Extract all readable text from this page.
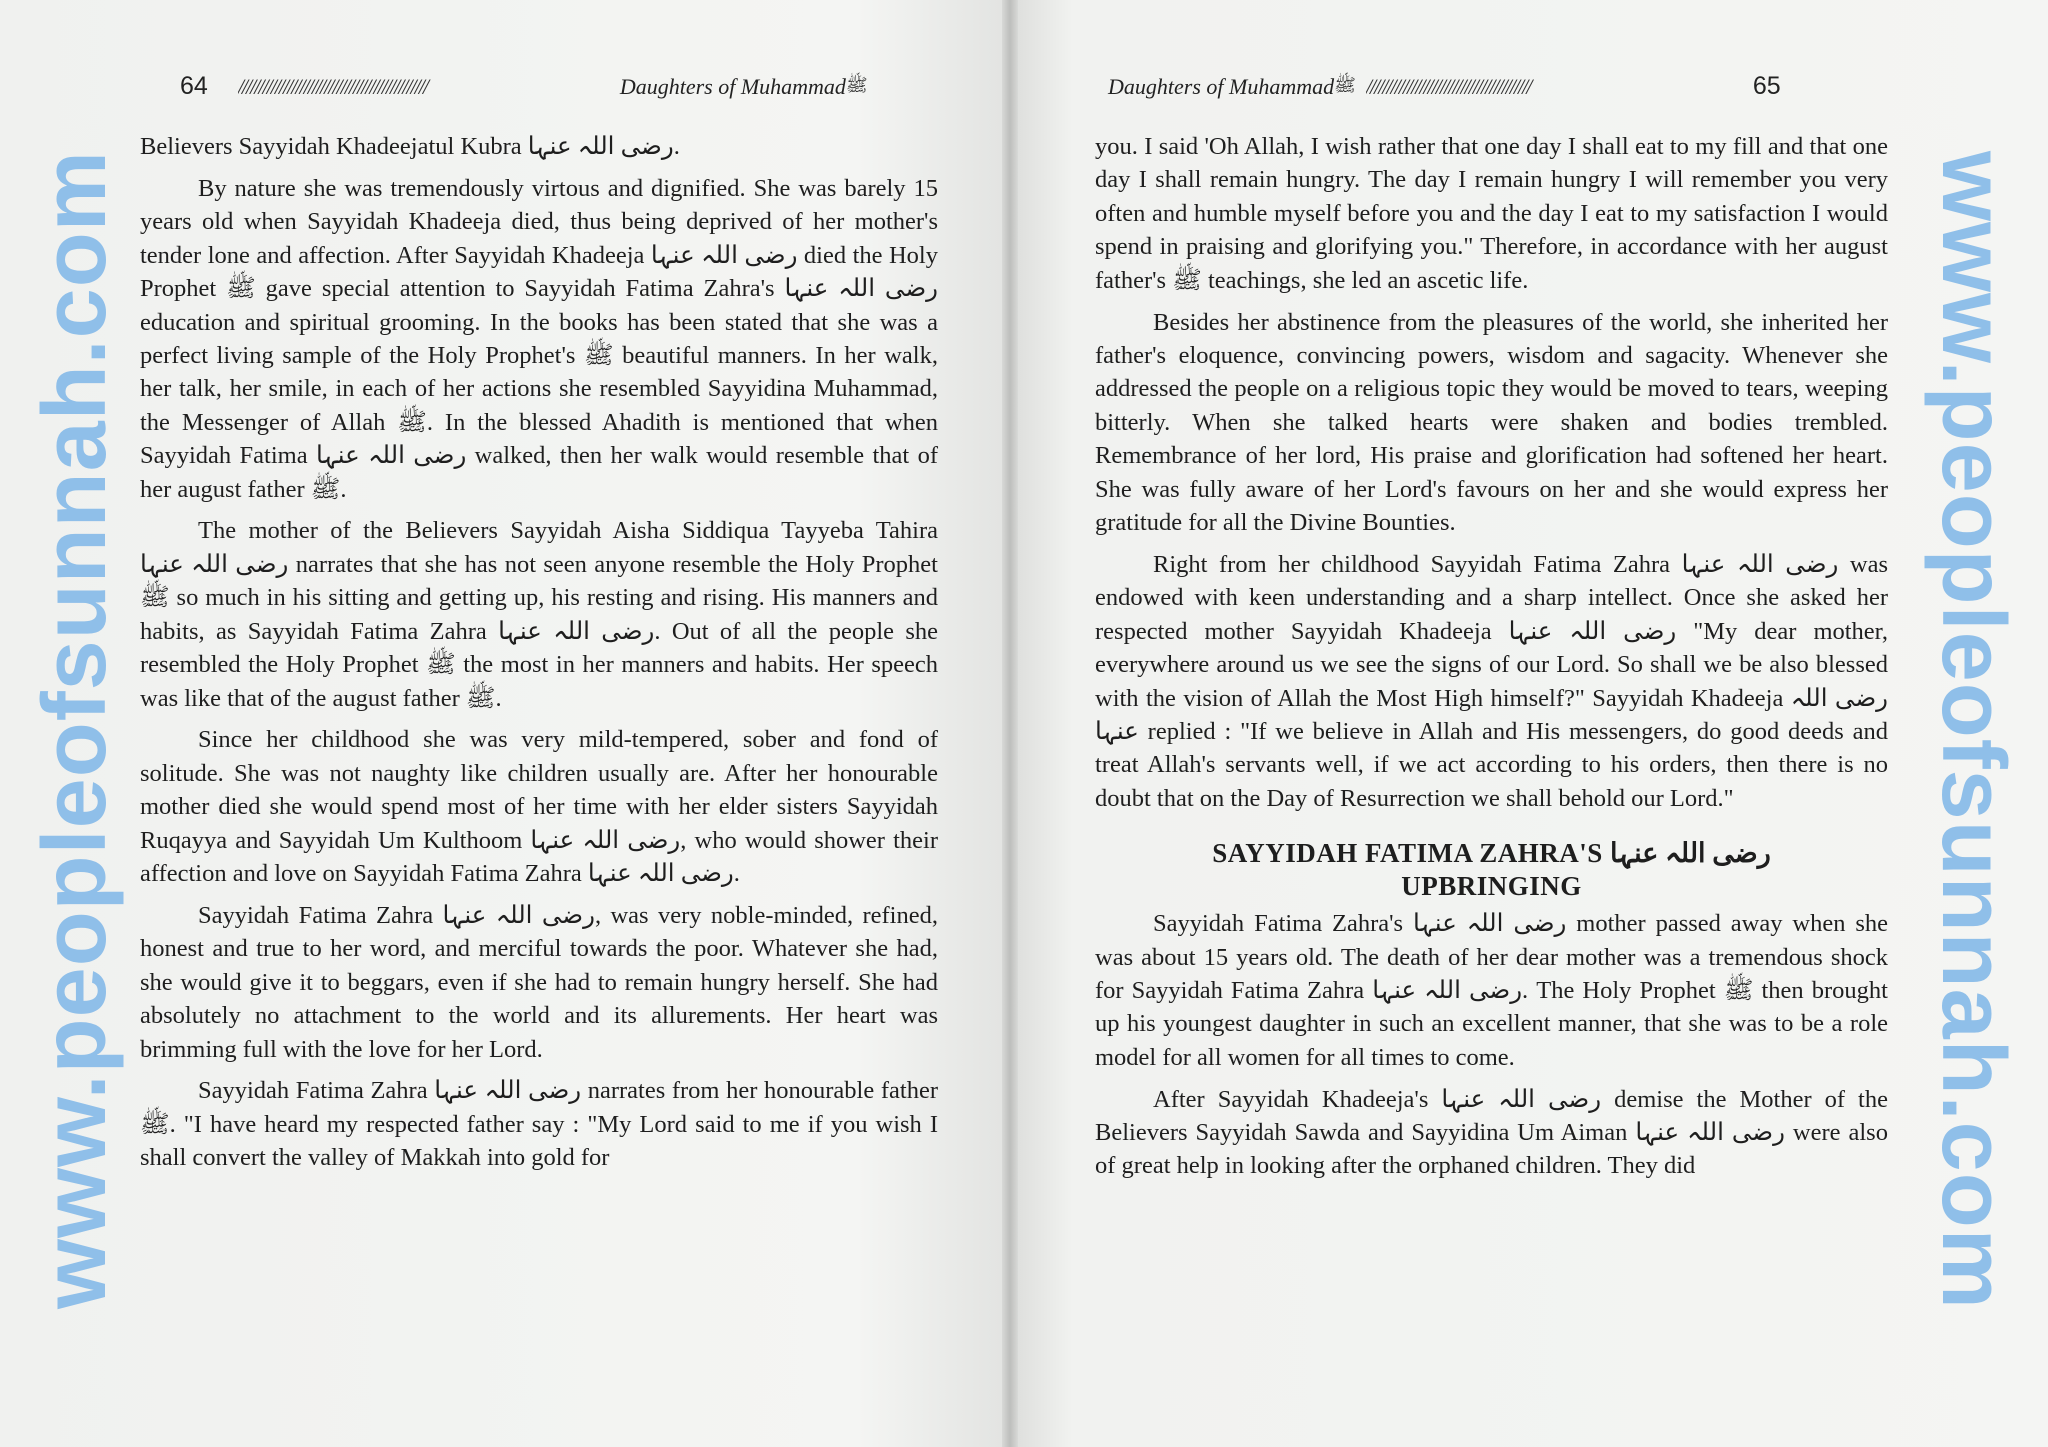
www.peopleofsunnah.com
64 //////////////////////////////////////////////	Daughters of Muhammad ﷺ

Believers Sayyidah Khadeejatul Kubra رضی اللہ عنہا.

By nature she was tremendously virtous and dignified. She was barely 15 years old when Sayyidah Khadeeja died, thus being deprived of her mother's tender lone and affection. After Sayyidah Khadeeja رضی اللہ عنہا died the Holy Prophet ﷺ gave special attention to Sayyidah Fatima Zahra's رضی اللہ عنہا education and spiritual grooming. In the books has been stated that she was a perfect living sample of the Holy Prophet's ﷺ beautiful manners. In her walk, her talk, her smile, in each of her actions she resembled Sayyidina Muhammad, the Messenger of Allah ﷺ. In the blessed Ahadith is mentioned that when Sayyidah Fatima رضی اللہ عنہا walked, then her walk would resemble that of her august father ﷺ.

The mother of the Believers Sayyidah Aisha Siddiqua Tayyeba Tahira رضی اللہ عنہا narrates that she has not seen anyone resemble the Holy Prophet ﷺ so much in his sitting and getting up, his resting and rising. His manners and habits, as Sayyidah Fatima Zahra رضی اللہ عنہا. Out of all the people she resembled the Holy Prophet ﷺ the most in her manners and habits. Her speech was like that of the august father ﷺ.

Since her childhood she was very mild-tempered, sober and fond of solitude. She was not naughty like children usually are. After her honourable mother died she would spend most of her time with her elder sisters Sayyidah Ruqayya and Sayyidah Um Kulthoom رضی اللہ عنہا, who would shower their affection and love on Sayyidah Fatima Zahra رضی اللہ عنہا.

Sayyidah Fatima Zahra رضی اللہ عنہا, was very noble-minded, refined, honest and true to her word, and merciful towards the poor. Whatever she had, she would give it to beggars, even if she had to remain hungry herself. She had absolutely no attachment to the world and its allurements. Her heart was brimming full with the love for her Lord.

Sayyidah Fatima Zahra رضی اللہ عنہا narrates from her honourable father ﷺ. "I have heard my respected father say : "My Lord said to me if you wish I shall convert the valley of Makkah into gold for

Daughters of Muhammad ﷺ ////////////////////////////////////////	65

you. I said 'Oh Allah, I wish rather that one day I shall eat to my fill and that one day I shall remain hungry. The day I remain hungry I will remember you very often and humble myself before you and the day I eat to my satisfaction I would spend in praising and glorifying you." Therefore, in accordance with her august father's ﷺ teachings, she led an ascetic life.

Besides her abstinence from the pleasures of the world, she inherited her father's eloquence, convincing powers, wisdom and sagacity. Whenever she addressed the people on a religious topic they would be moved to tears, weeping bitterly. When she talked hearts were shaken and bodies trembled. Remembrance of her lord, His praise and glorification had softened her heart. She was fully aware of her Lord's favours on her and she would express her gratitude for all the Divine Bounties.

Right from her childhood Sayyidah Fatima Zahra رضی اللہ عنہا was endowed with keen understanding and a sharp intellect. Once she asked her respected mother Sayyidah Khadeeja رضی اللہ عنہا "My dear mother, everywhere around us we see the signs of our Lord. So shall we be also blessed with the vision of Allah the Most High himself?" Sayyidah Khadeeja رضی اللہ عنہا replied : "If we believe in Allah and His messengers, do good deeds and treat Allah's servants well, if we act according to his orders, then there is no doubt that on the Day of Resurrection we shall behold our Lord."

SAYYIDAH FATIMA ZAHRA'S رضی اللہ عنہا
UPBRINGING

Sayyidah Fatima Zahra's رضی اللہ عنہا mother passed away when she was about 15 years old. The death of her dear mother was a tremendous shock for Sayyidah Fatima Zahra رضی اللہ عنہا. The Holy Prophet ﷺ then brought up his youngest daughter in such an excellent manner, that she was to be a role model for all women for all times to come.

After Sayyidah Khadeeja's رضی اللہ عنہا demise the Mother of the Believers Sayyidah Sawda and Sayyidina Um Aiman رضی اللہ عنہا were also of great help in looking after the orphaned children. They did	www.peopleofsunnah.com
